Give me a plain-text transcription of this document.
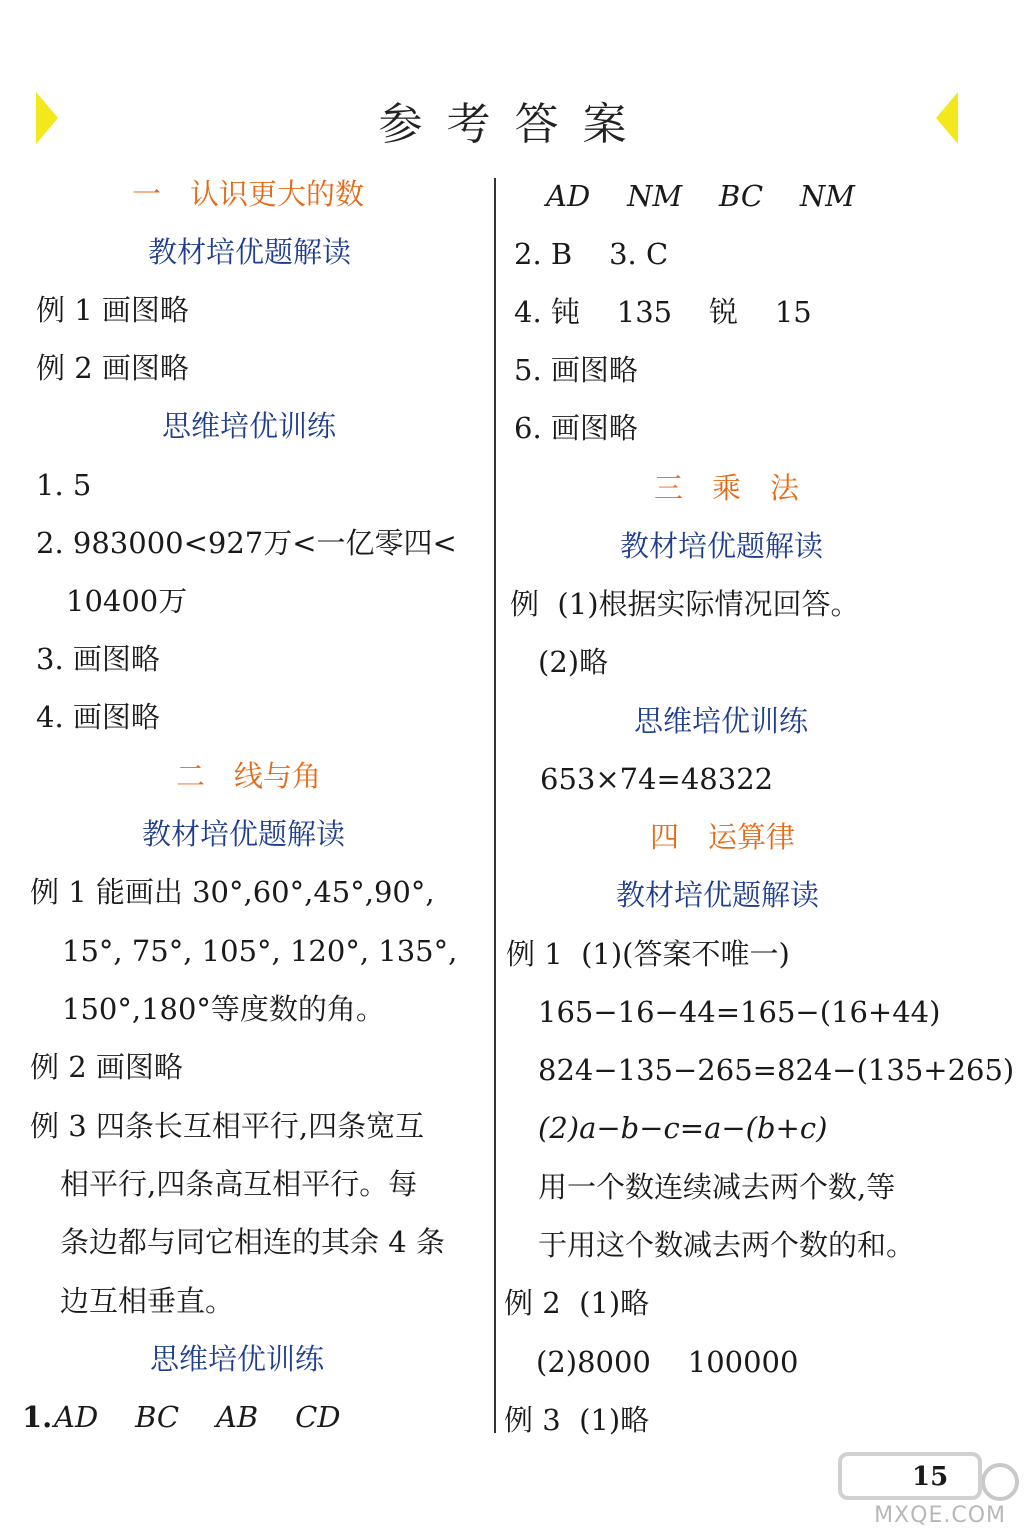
参考答案
一　认识更大的数
教材培优题解读
例 1 画图略
例 2 画图略
思维培优训练
1. 5
2. 983000<927万<一亿零四<
10400万
3. 画图略
4. 画图略
二　线与角
教材培优题解读
例 1 能画出 30°,60°,45°,90°,
15°, 75°, 105°, 120°, 135°,
150°,180°等度数的角。
例 2 画图略
例 3 四条长互相平行,四条宽互
相平行,四条高互相平行。每
条边都与同它相连的其余 4 条
边互相垂直。
思维培优训练
1. AD    BC    AB    CD
AD    NM    BC    NM
2. B    3. C
4. 钝    135    锐    15
5. 画图略
6. 画图略
三　乘　法
教材培优题解读
例  (1)根据实际情况回答。
(2)略
思维培优训练
653×74=48322
四　运算律
教材培优题解读
例 1  (1)(答案不唯一)
165−16−44=165−(16+44)
824−135−265=824−(135+265)
(2)a−b−c=a−(b+c)
用一个数连续减去两个数,等
于用这个数减去两个数的和。
例 2  (1)略
(2)8000    100000
例 3  (1)略
MXQE.COM
15
